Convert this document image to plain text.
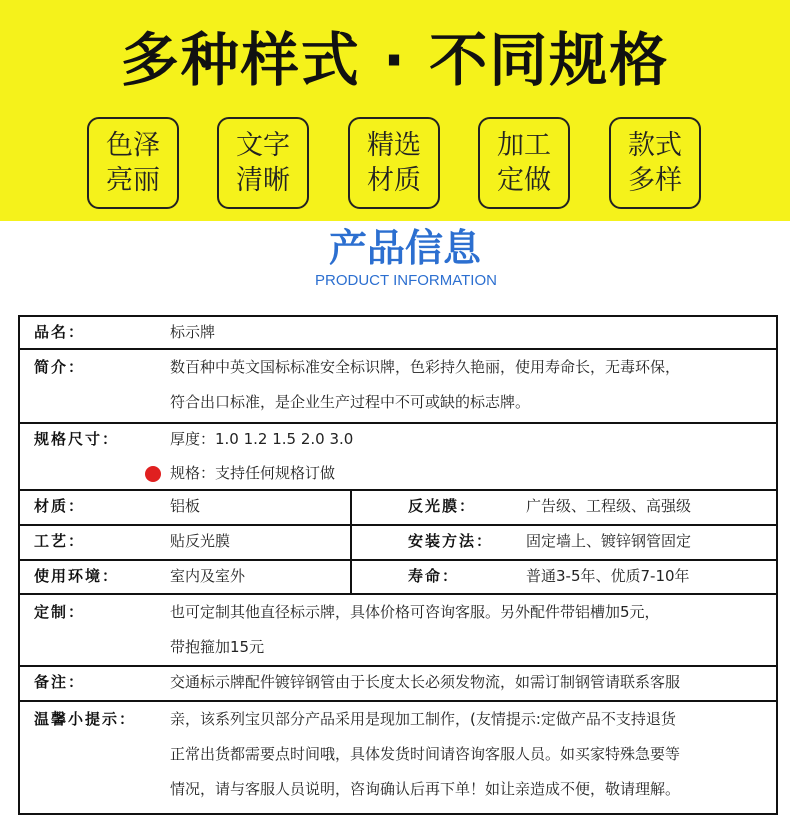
多种样式 · 不同规格
色泽
亮丽
文字
清晰
精选
材质
加工
定做
款式
多样
产品信息
PRODUCT INFORMATION
品名：	标示牌
简介：	数百种中英文国标标准安全标识牌，色彩持久艳丽，使用寿命长，无毒环保，
符合出口标准，是企业生产过程中不可或缺的标志牌。
规格尺寸：	厚度：1.0 1.2 1.5 2.0 3.0
规格：支持任何规格订做
材质：	铝板	反光膜：	广告级、工程级、高强级
工艺：	贴反光膜	安装方法： 固定墙上、镀锌钢管固定
使用环境：	室内及室外	寿命：	普通3-5年、优质7-10年
定制：	也可定制其他直径标示牌，具体价格可咨询客服。另外配件带铝槽加5元，
带抱箍加15元
备注：	交通标示牌配件镀锌钢管由于长度太长必须发物流，如需订制钢管请联系客服
温馨小提示： 亲，该系列宝贝部分产品采用是现加工制作，(友情提示:定做产品不支持退货
正常出货都需要点时间哦，具体发货时间请咨询客服人员。如买家特殊急要等
情况，请与客服人员说明，咨询确认后再下单！如让亲造成不便，敬请理解。
